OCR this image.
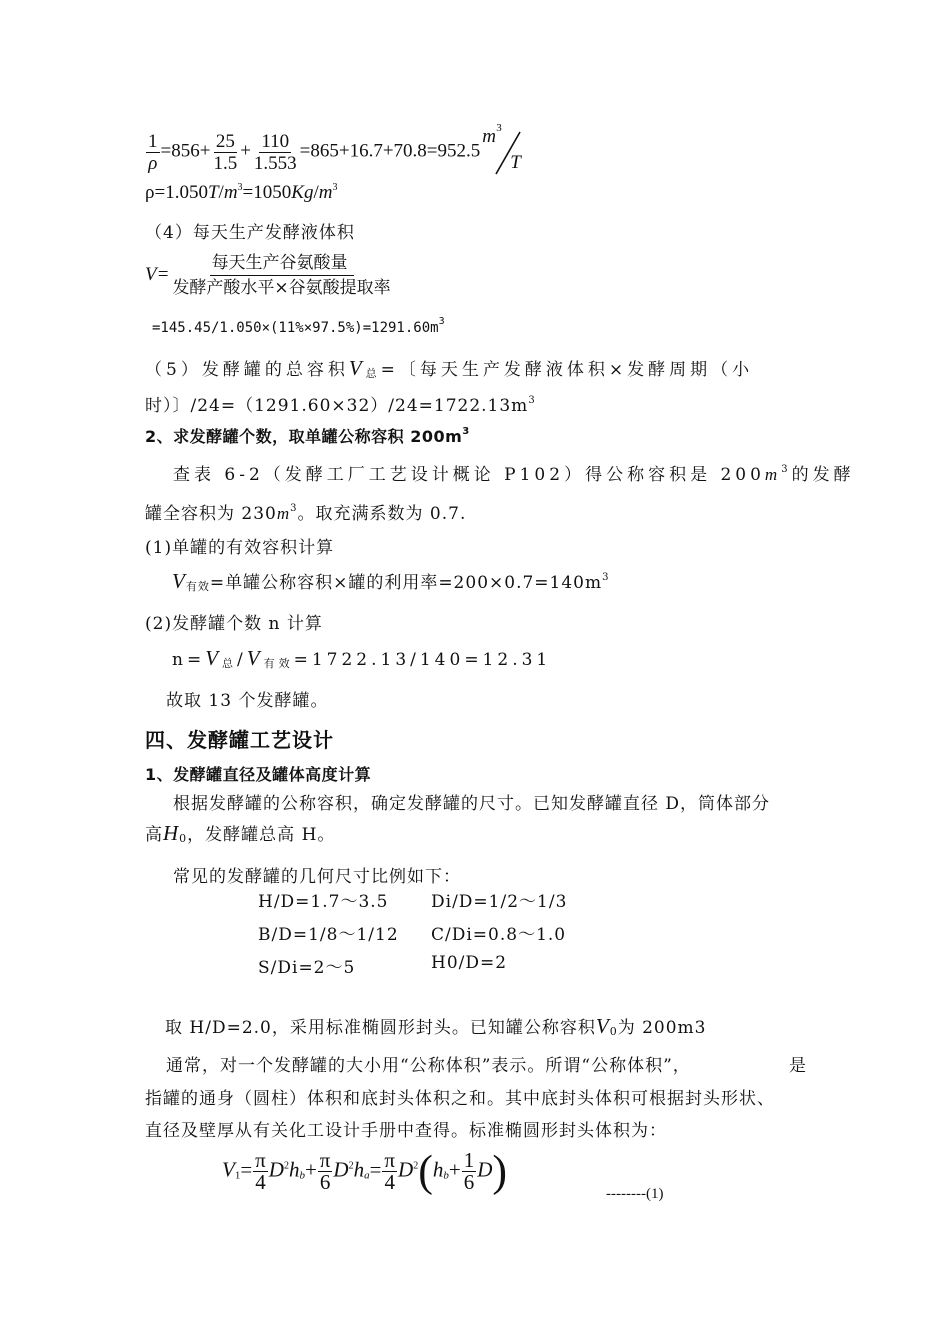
$\frac{1}{\rho} =856+ \frac{25}{1.5} + \frac{110}{1.553} =865+16.7+70.8=952.5$
m 3
T
$\rho=1.050T/m^3=1050Kg/m^3$
（4）每天生产发酵液体积
$V= \frac{\text{每天生产谷氨酸量}}{\text{发酵产酸水平×谷氨酸提取率}}$
$=145.45/1.050\times(11\%\times 97.5\%)=1291.60m^3$
（5）发酵罐的总容积V总=〔每天生产发酵液体积×发酵周期（小
时）〕$/24=(1291.60\times 32)/24=1722.13m^3$
2、求发酵罐个数，取单罐公称容积 $200m^3$
查表 6-2（发酵工厂工艺设计概论 P102）得公称容积是 $200m^3$的发酵
罐全容积为 $230m^3$。取充满系数为 0.7.
(1)单罐的有效容积计算
V有效=单罐公称容积×罐的利用率$=200\times 0.7=140m^3$
(2)发酵罐个数 n 计算
n=V总/V有效=1722.13/140=12.31
故取 13 个发酵罐。
四、发酵罐工艺设计
1、发酵罐直径及罐体高度计算
根据发酵罐的公称容积，确定发酵罐的尺寸。已知发酵罐直径 D，筒体部分
高H0，发酵罐总高 H。
常见的发酵罐的几何尺寸比例如下：
H/D=1.7～3.5	Di/D=1/2～1/3
B/D=1/8～1/12 C/Di=0.8～1.0
S/Di=2～5	H0/D=2
取 H/D=2.0，采用标准椭圆形封头。已知罐公称容积V0为 200m3
通常，对一个发酵罐的大小用“公称体积”表示。所谓“公称体积”，	是
指罐的通身（圆柱）体积和底封头体积之和。其中底封头体积可根据封头形状、
直径及壁厚从有关化工设计手册中查得。标准椭圆形封头体积为：
$V1= \frac{\pi}{4} D^2hb+ \frac{\pi}{6} D^2ha= \frac{\pi}{4} D^2(hb+ \frac{1}{6} D)$	--------(1)
